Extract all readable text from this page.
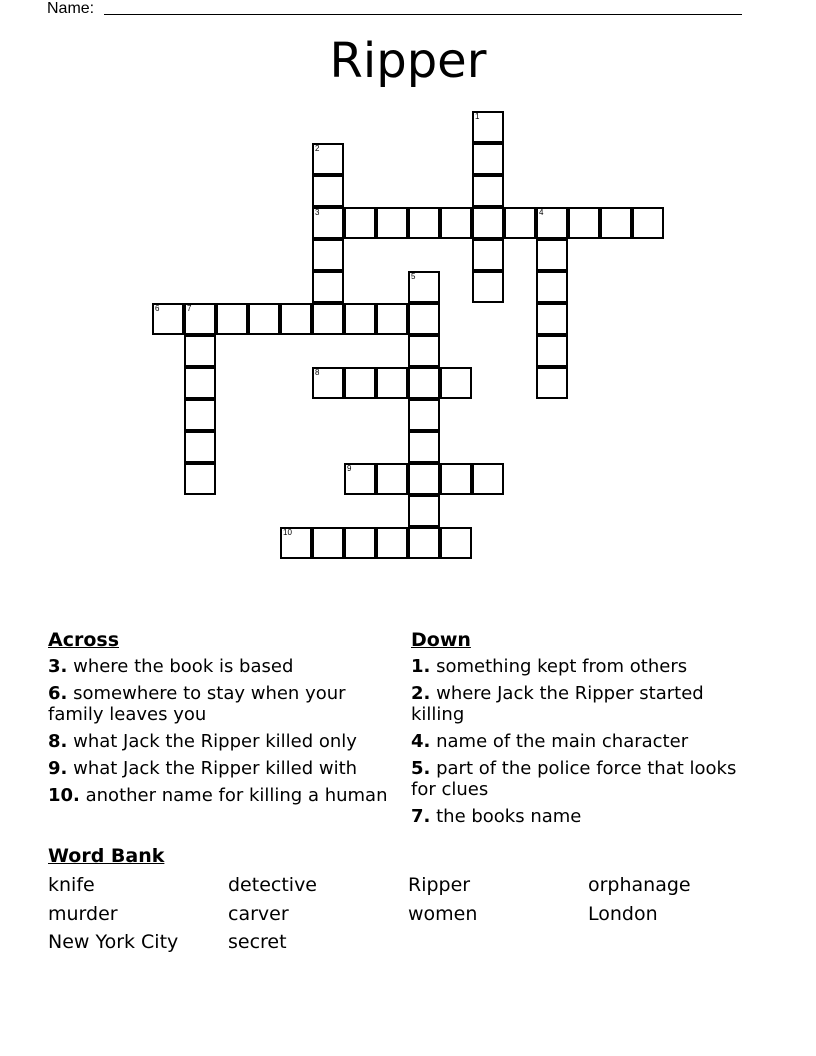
Name:
Ripper
1
2
3	4
5
6	7
8
9
10
Across
3. where the book is based
6. somewhere to stay when your family leaves you
8. what Jack the Ripper killed only
9. what Jack the Ripper killed with
10. another name for killing a human
Down
1. something kept from others
2. where Jack the Ripper started killing
4. name of the main character
5. part of the police force that looks for clues
7. the books name
Word Bank
knife	detective	Ripper	orphanage
murder	carver	women	London
New York City	secret
